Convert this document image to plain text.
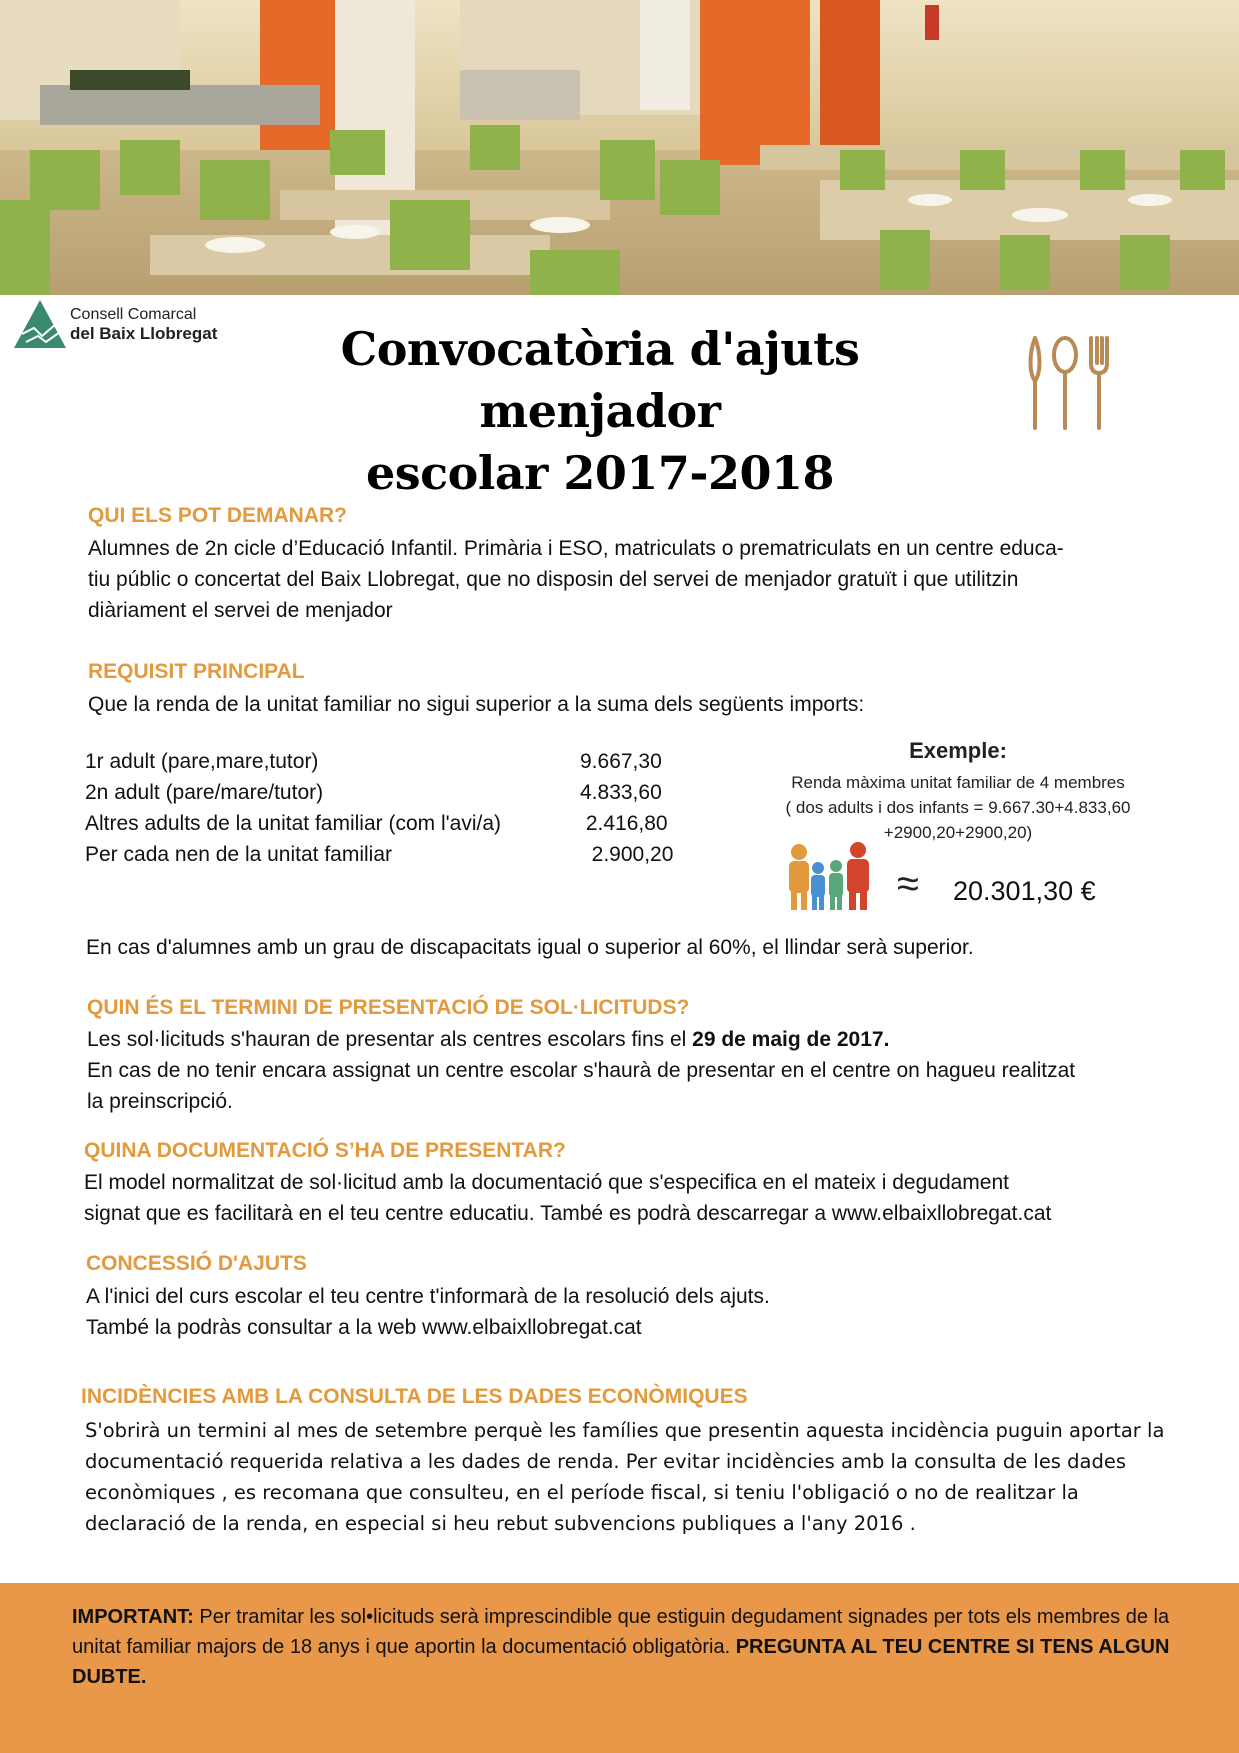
Consell Comarcal
del Baix Llobregat	Convocatòria d'ajuts menjador
escolar 2017-2018
QUI ELS POT DEMANAR?
Alumnes de 2n cicle d’Educació Infantil. Primària i ESO, matriculats o prematriculats en un centre educa-
tiu públic o concertat del Baix Llobregat, que no disposin del servei de menjador gratuït i que utilitzin
diàriament el servei de menjador
REQUISIT PRINCIPAL
Que la renda de la unitat familiar no sigui superior a la suma dels següents imports:
1r adult (pare,mare,tutor)	9.667,30
2n adult (pare/mare/tutor)	4.833,60
Altres adults de la unitat familiar (com l'avi/a)	2.416,80
Per cada nen de la unitat familiar	2.900,20
Exemple:
Renda màxima unitat familiar de 4 membres
( dos adults i dos infants = 9.667.30+4.833,60
+2900,20+2900,20)
≈ 20.301,30 €
En cas d'alumnes amb un grau de discapacitats igual o superior al 60%, el llindar serà superior.
QUIN ÉS EL TERMINI DE PRESENTACIÓ DE SOL·LICITUDS?
Les sol·licituds s'hauran de presentar als centres escolars fins el 29 de maig de 2017.
En cas de no tenir encara assignat un centre escolar s'haurà de presentar en el centre on hagueu realitzat
la preinscripció.
QUINA DOCUMENTACIÓ S’HA DE PRESENTAR?
El model normalitzat de sol·licitud amb la documentació que s'especifica en el mateix i degudament
signat que es facilitarà en el teu centre educatiu. També es podrà descarregar a www.elbaixllobregat.cat
CONCESSIÓ D'AJUTS
A l'inici del curs escolar el teu centre t'informarà de la resolució dels ajuts.
També la podràs consultar a la web www.elbaixllobregat.cat
INCIDÈNCIES AMB LA CONSULTA DE LES DADES ECONÒMIQUES
S'obrirà un termini al mes de setembre perquè les famílies que presentin aquesta incidència puguin aportar la
documentació requerida relativa a les dades de renda. Per evitar incidències amb la consulta de les dades
econòmiques , es recomana que consulteu, en el període fiscal, si teniu l'obligació o no de realitzar la
declaració de la renda, en especial si heu rebut subvencions publiques a l'any 2016 .
IMPORTANT: Per tramitar les sol•licituds serà imprescindible que estiguin degudament signades per tots els membres de la unitat familiar majors de 18 anys i que aportin la documentació obligatòria. PREGUNTA AL TEU CENTRE SI TENS ALGUN DUBTE.
